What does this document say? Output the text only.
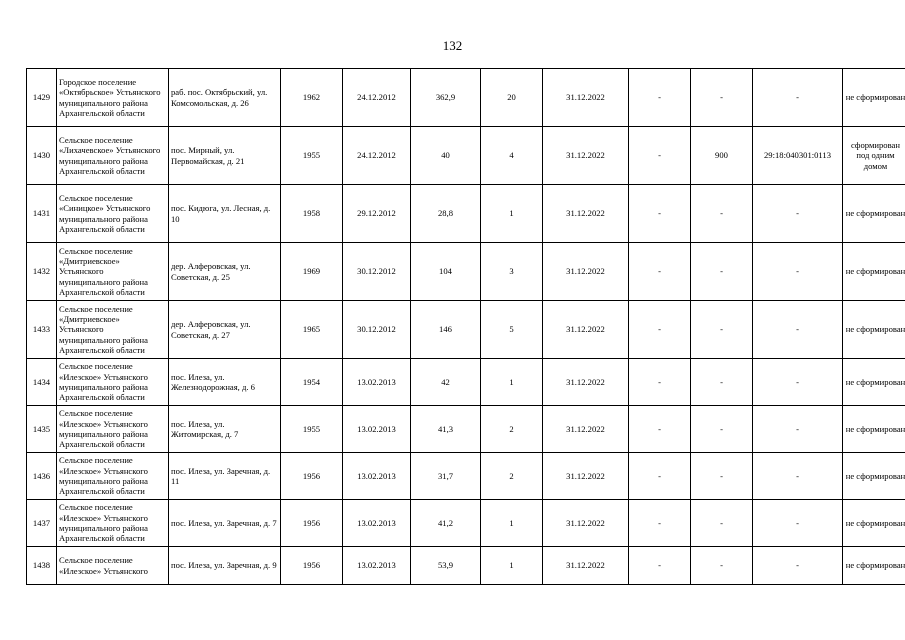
132
1429	Городское поселение «Октябрьское» Устьянского муниципального района Архангельской области	раб. пос. Октябрьский, ул. Комсомольская, д. 26	1962	24.12.2012	362,9	20	31.12.2022	-	-	-	не сформирован
1430	Сельское поселение «Лихачевское» Устьянского муниципального района Архангельской области	пос. Мирный, ул. Первомайская, д. 21	1955	24.12.2012	40	4	31.12.2022	-	900	29:18:040301:0113	сформирован под одним домом
1431	Сельское поселение «Синицкое» Устьянского муниципального района Архангельской области	пос. Кидюга, ул. Лесная, д. 10	1958	29.12.2012	28,8	1	31.12.2022	-	-	-	не сформирован
1432	Сельское поселение «Дмитриевское» Устьянского муниципального района Архангельской области	дер. Алферовская, ул. Советская, д. 25	1969	30.12.2012	104	3	31.12.2022	-	-	-	не сформирован
1433	Сельское поселение «Дмитриевское» Устьянского муниципального района Архангельской области	дер. Алферовская, ул. Советская, д. 27	1965	30.12.2012	146	5	31.12.2022	-	-	-	не сформирован
1434	Сельское поселение «Илезское» Устьянского муниципального района Архангельской области	пос. Илеза, ул. Железнодорожная, д. 6	1954	13.02.2013	42	1	31.12.2022	-	-	-	не сформирован
1435	Сельское поселение «Илезское» Устьянского муниципального района Архангельской области	пос. Илеза, ул. Житомирская, д. 7	1955	13.02.2013	41,3	2	31.12.2022	-	-	-	не сформирован
1436	Сельское поселение «Илезское» Устьянского муниципального района Архангельской области	пос. Илеза, ул. Заречная, д. 11	1956	13.02.2013	31,7	2	31.12.2022	-	-	-	не сформирован
1437	Сельское поселение «Илезское» Устьянского муниципального района Архангельской области	пос. Илеза, ул. Заречная, д. 7	1956	13.02.2013	41,2	1	31.12.2022	-	-	-	не сформирован
1438	Сельское поселение «Илезское» Устьянского	пос. Илеза, ул. Заречная, д. 9	1956	13.02.2013	53,9	1	31.12.2022	-	-	-	не сформирован
